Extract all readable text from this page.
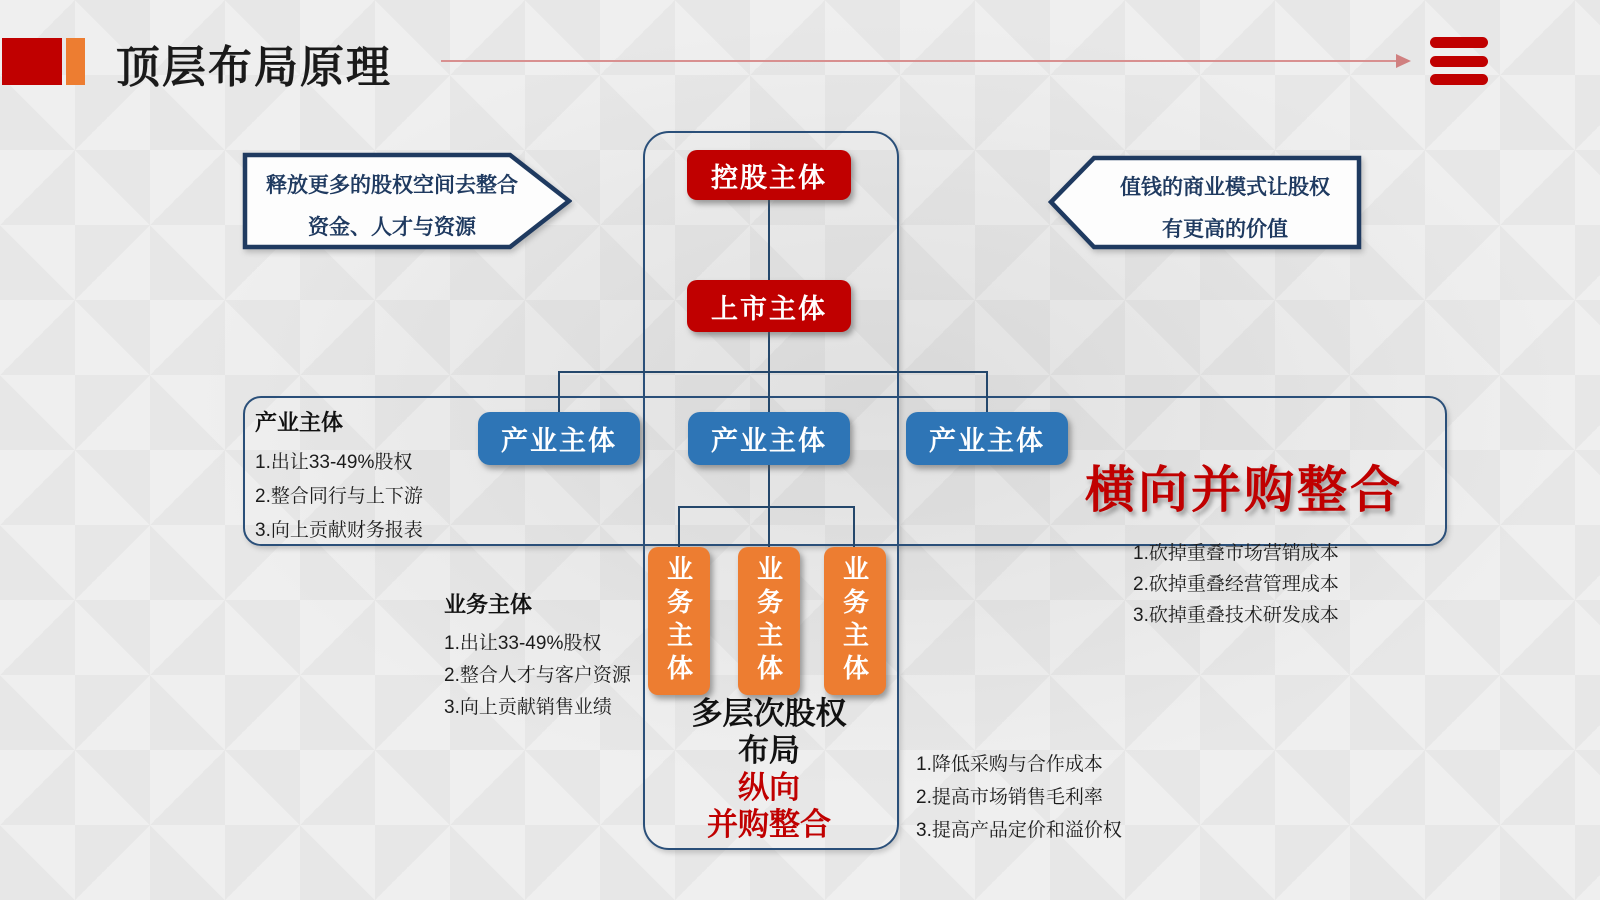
顶层布局原理
释放更多的股权空间去整合
资金、人才与资源
值钱的商业模式让股权
有更高的价值
控股主体
上市主体
产业主体	产业主体	产业主体
业务主体 业务主体 业务主体
产业主体
1.出让33-49%股权
2.整合同行与上下游
3.向上贡献财务报表
横向并购整合
1.砍掉重叠市场营销成本
2.砍掉重叠经营管理成本
3.砍掉重叠技术研发成本
业务主体
1.出让33-49%股权
2.整合人才与客户资源
3.向上贡献销售业绩	多层次股权
布局
纵向
并购整合
1.降低采购与合作成本
2.提高市场销售毛利率
3.提高产品定价和溢价权
